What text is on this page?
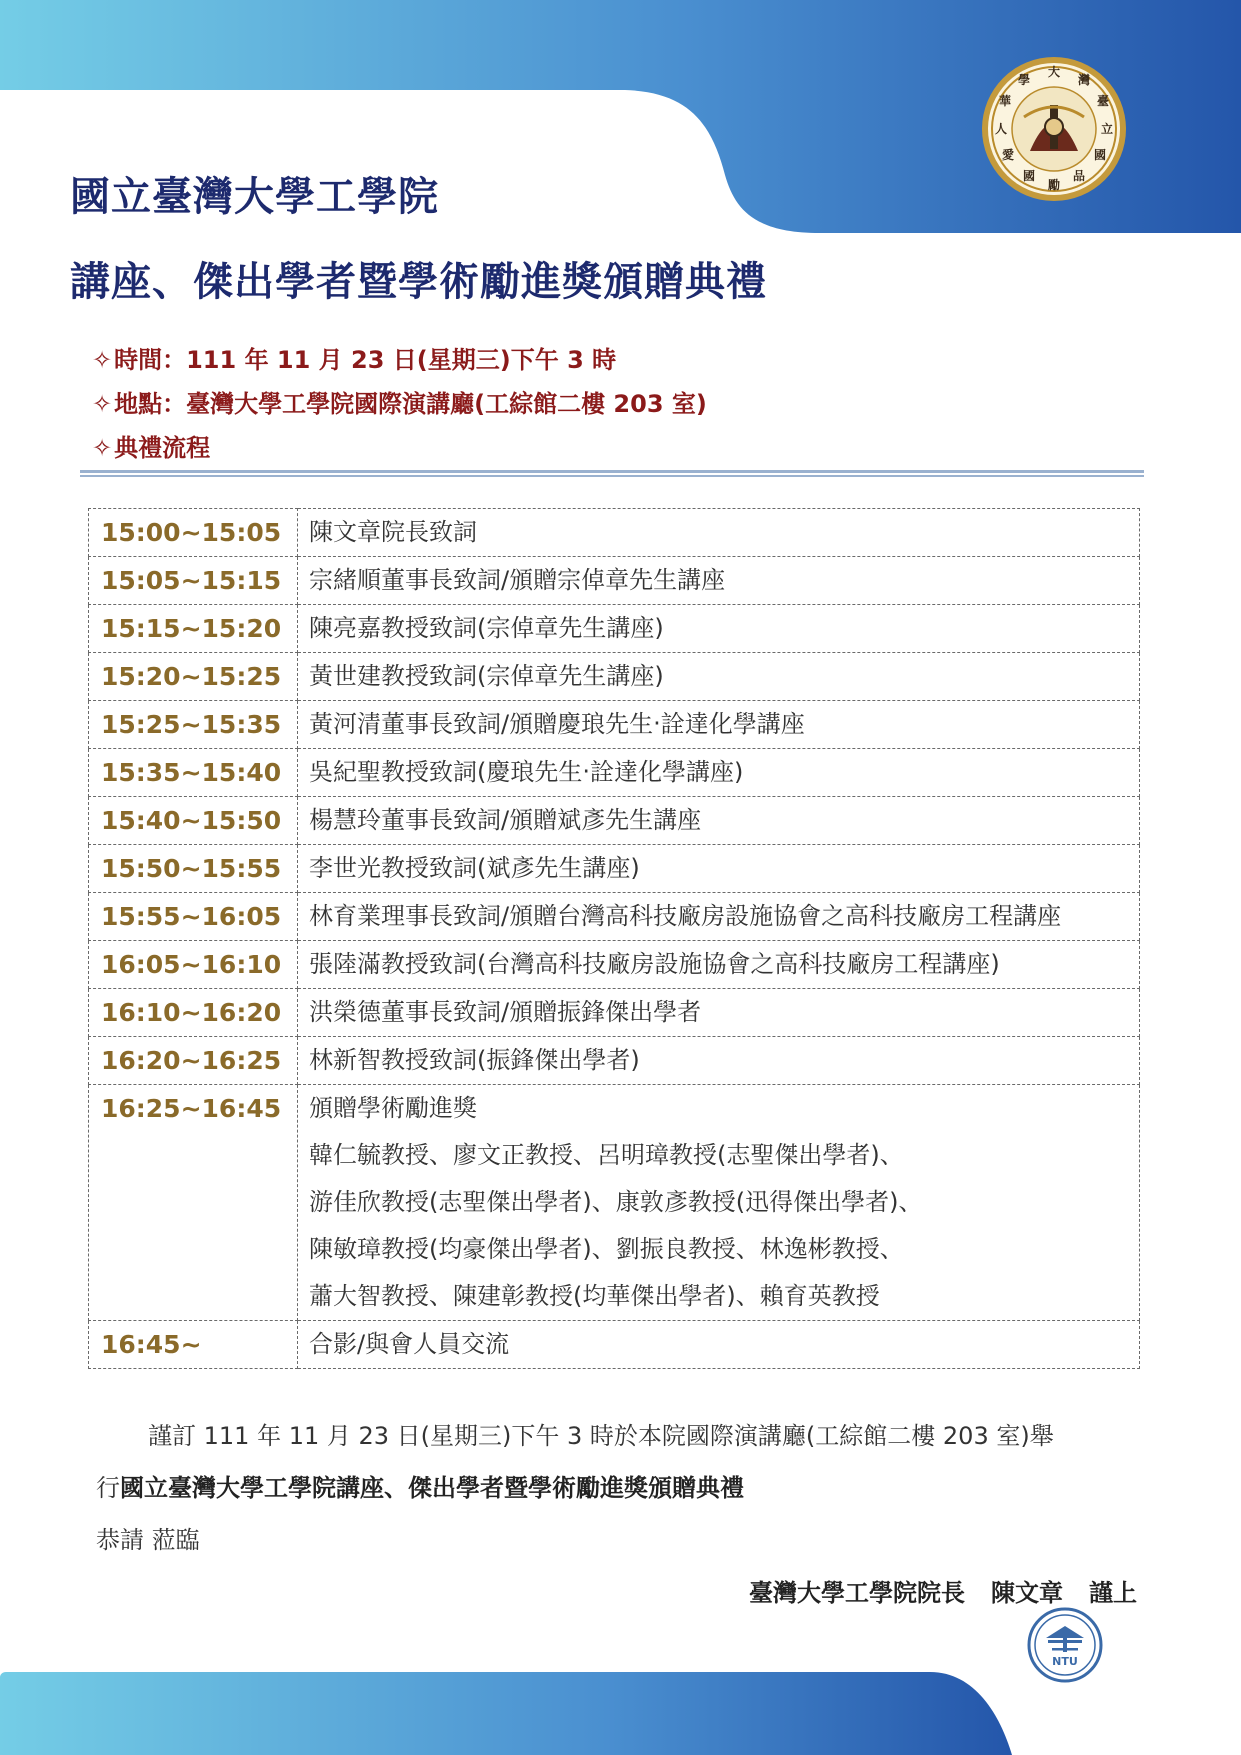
大
灣
學
臺
華
立
人
國
愛
品
國
勵
國立臺灣大學工學院
講座、傑出學者暨學術勵進獎頒贈典禮
✧時間：111 年 11 月 23 日(星期三)下午 3 時
✧地點：臺灣大學工學院國際演講廳(工綜館二樓 203 室)
✧典禮流程
15:00~15:05	陳文章院長致詞

15:05~15:15	宗緒順董事長致詞/頒贈宗倬章先生講座

15:15~15:20	陳亮嘉教授致詞(宗倬章先生講座)

15:20~15:25	黃世建教授致詞(宗倬章先生講座)

15:25~15:35	黃河清董事長致詞/頒贈慶琅先生‧詮達化學講座

15:35~15:40	吳紀聖教授致詞(慶琅先生‧詮達化學講座)

15:40~15:50	楊慧玲董事長致詞/頒贈斌彥先生講座

15:50~15:55	李世光教授致詞(斌彥先生講座)

15:55~16:05	林育業理事長致詞/頒贈台灣高科技廠房設施協會之高科技廠房工程講座

16:05~16:10	張陸滿教授致詞(台灣高科技廠房設施協會之高科技廠房工程講座)

16:10~16:20	洪榮德董事長致詞/頒贈振鋒傑出學者

16:20~16:25	林新智教授致詞(振鋒傑出學者)

16:25~16:45	頒贈學術勵進獎
韓仁毓教授、廖文正教授、呂明璋教授(志聖傑出學者)、
游佳欣教授(志聖傑出學者)、康敦彥教授(迅得傑出學者)、
陳敏璋教授(均豪傑出學者)、劉振良教授、林逸彬教授、
蕭大智教授、陳建彰教授(均華傑出學者)、賴育英教授

16:45~	合影/與會人員交流
謹訂 111 年 11 月 23 日(星期三)下午 3 時於本院國際演講廳(工綜館二樓 203 室)舉
行國立臺灣大學工學院講座、傑出學者暨學術勵進獎頒贈典禮
恭請 蒞臨
臺灣大學工學院院長 陳文章 謹上
NTU
